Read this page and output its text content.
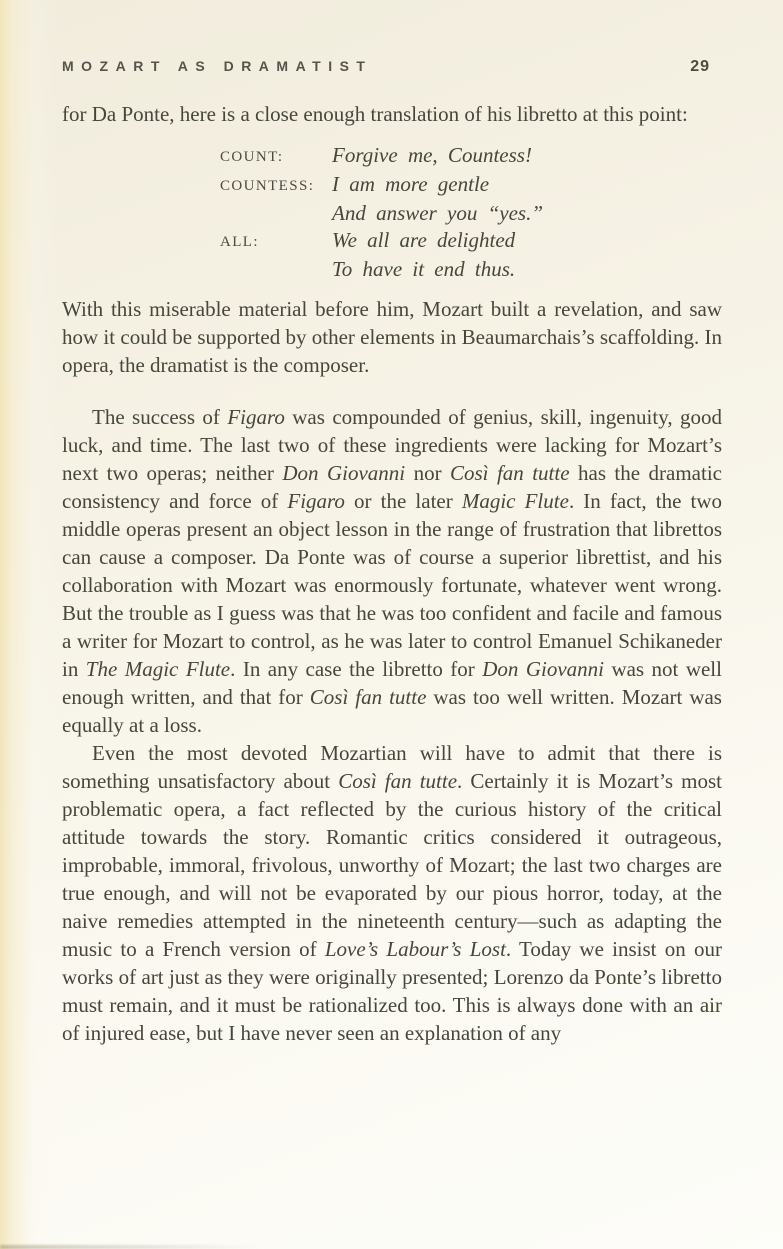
MOZART AS DRAMATIST	29

for Da Ponte, here is a close enough translation of his libretto at this point:

COUNT:	Forgive me, Countess!
COUNTESS: I am more gentle
And answer you “yes.”
ALL:	We all are delighted
To have it end thus.

With this miserable material before him, Mozart built a revelation, and saw how it could be supported by other elements in Beaumarchais’s scaffolding. In opera, the dramatist is the composer.

The success of Figaro was compounded of genius, skill, ingenuity, good luck, and time. The last two of these ingredients were lacking for Mozart’s next two operas; neither Don Giovanni nor Così fan tutte has the dramatic consistency and force of Figaro or the later Magic Flute. In fact, the two middle operas present an object lesson in the range of frustration that librettos can cause a composer. Da Ponte was of course a superior librettist, and his collaboration with Mozart was enormously fortunate, whatever went wrong. But the trouble as I guess was that he was too confident and facile and famous a writer for Mozart to control, as he was later to control Emanuel Schikaneder in The Magic Flute. In any case the libretto for Don Giovanni was not well enough written, and that for Così fan tutte was too well written. Mozart was equally at a loss.

Even the most devoted Mozartian will have to admit that there is something unsatisfactory about Così fan tutte. Certainly it is Mozart’s most problematic opera, a fact reflected by the curious history of the critical attitude towards the story. Romantic critics considered it outrageous, improbable, immoral, frivolous, unworthy of Mozart; the last two charges are true enough, and will not be evaporated by our pious horror, today, at the naive remedies attempted in the nineteenth century—such as adapting the music to a French version of Love’s Labour’s Lost. Today we insist on our works of art just as they were originally presented; Lorenzo da Ponte’s libretto must remain, and it must be rationalized too. This is always done with an air of injured ease, but I have never seen an explanation of any
